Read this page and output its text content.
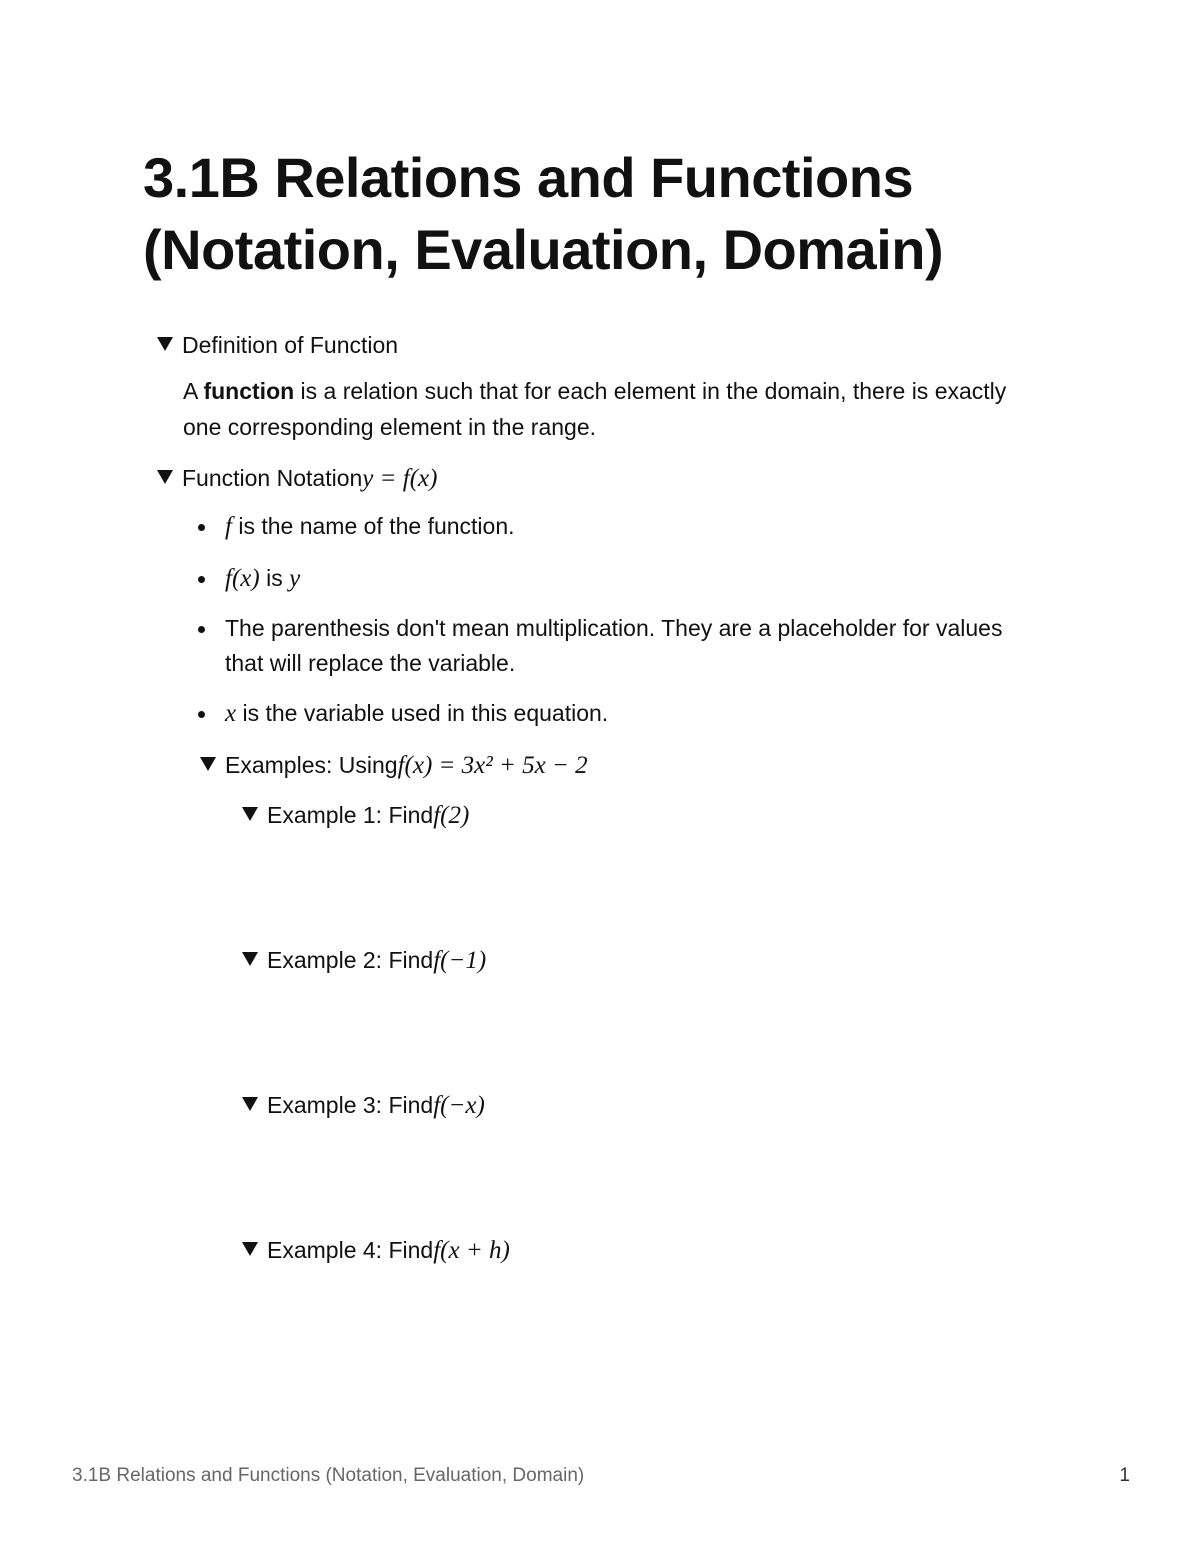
3.1B Relations and Functions
(Notation, Evaluation, Domain)
Definition of Function

A function is a relation such that for each element in the domain, there is exactly one corresponding element in the range.

Function Notation y = f(x)
f is the name of the function.
f(x) is y
The parenthesis don't mean multiplication. They are a placeholder for values that will replace the variable.
x is the variable used in this equation.
Examples: Using f(x) = 3x² + 5x − 2
Example 1: Find f(2)
Example 2: Find f(−1)
Example 3: Find f(−x)
Example 4: Find f(x + h)
3.1B Relations and Functions (Notation, Evaluation, Domain)	1
